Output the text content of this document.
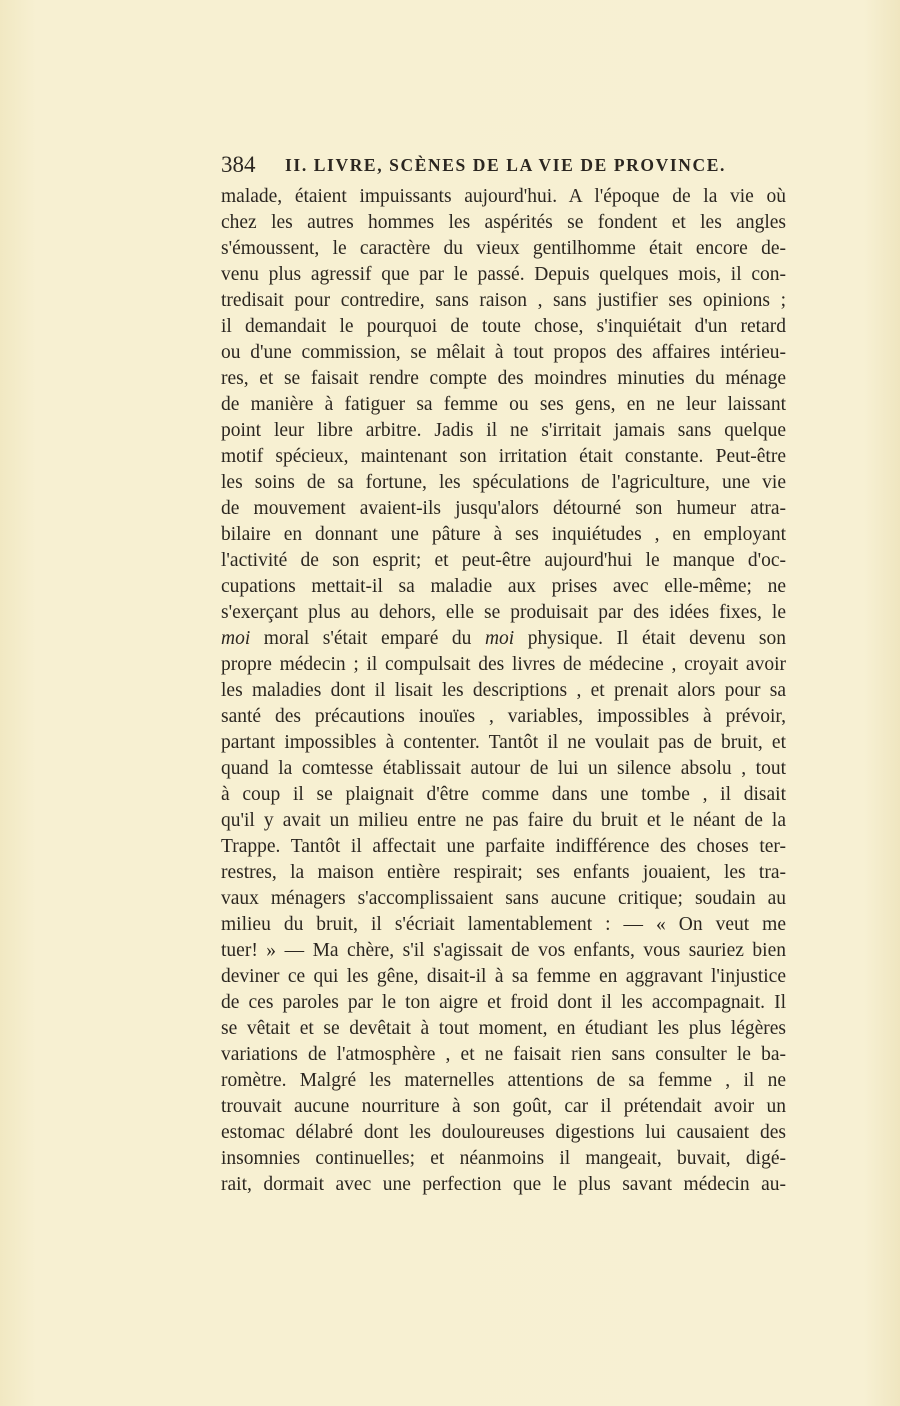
384 II. LIVRE, SCÈNES DE LA VIE DE PROVINCE.
malade, étaient impuissants aujourd'hui. A l'époque de la vie où
chez les autres hommes les aspérités se fondent et les angles
s'émoussent, le caractère du vieux gentilhomme était encore de-
venu plus agressif que par le passé. Depuis quelques mois, il con-
tredisait pour contredire, sans raison , sans justifier ses opinions ;
il demandait le pourquoi de toute chose, s'inquiétait d'un retard
ou d'une commission, se mêlait à tout propos des affaires intérieu-
res, et se faisait rendre compte des moindres minuties du ménage
de manière à fatiguer sa femme ou ses gens, en ne leur laissant
point leur libre arbitre. Jadis il ne s'irritait jamais sans quelque
motif spécieux, maintenant son irritation était constante. Peut-être
les soins de sa fortune, les spéculations de l'agriculture, une vie
de mouvement avaient-ils jusqu'alors détourné son humeur atra-
bilaire en donnant une pâture à ses inquiétudes , en employant
l'activité de son esprit; et peut-être aujourd'hui le manque d'oc-
cupations mettait-il sa maladie aux prises avec elle-même; ne
s'exerçant plus au dehors, elle se produisait par des idées fixes, le
moi moral s'était emparé du moi physique. Il était devenu son
propre médecin ; il compulsait des livres de médecine , croyait avoir
les maladies dont il lisait les descriptions , et prenait alors pour sa
santé des précautions inouïes , variables, impossibles à prévoir,
partant impossibles à contenter. Tantôt il ne voulait pas de bruit, et
quand la comtesse établissait autour de lui un silence absolu , tout
à coup il se plaignait d'être comme dans une tombe , il disait
qu'il y avait un milieu entre ne pas faire du bruit et le néant de la
Trappe. Tantôt il affectait une parfaite indifférence des choses ter-
restres, la maison entière respirait; ses enfants jouaient, les tra-
vaux ménagers s'accomplissaient sans aucune critique; soudain au
milieu du bruit, il s'écriait lamentablement : — « On veut me
tuer! » — Ma chère, s'il s'agissait de vos enfants, vous sauriez bien
deviner ce qui les gêne, disait-il à sa femme en aggravant l'injustice
de ces paroles par le ton aigre et froid dont il les accompagnait. Il
se vêtait et se devêtait à tout moment, en étudiant les plus légères
variations de l'atmosphère , et ne faisait rien sans consulter le ba-
romètre. Malgré les maternelles attentions de sa femme , il ne
trouvait aucune nourriture à son goût, car il prétendait avoir un
estomac délabré dont les douloureuses digestions lui causaient des
insomnies continuelles; et néanmoins il mangeait, buvait, digé-
rait, dormait avec une perfection que le plus savant médecin au-
